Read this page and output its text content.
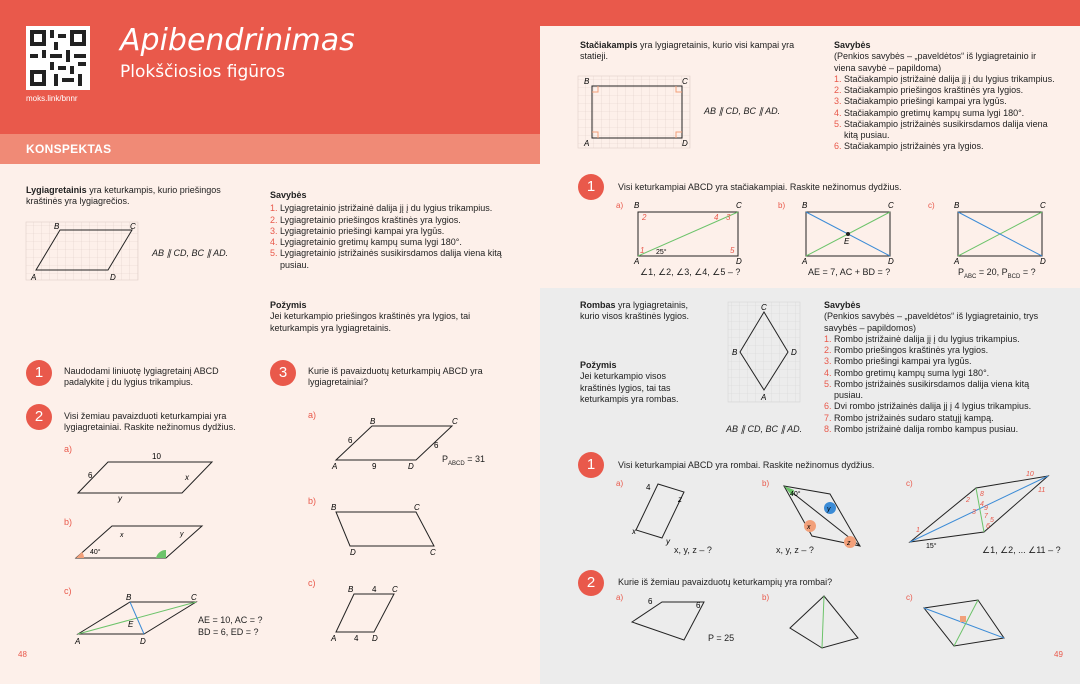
KONSPEKTAS
moks.link/bnnr
Apibendrinimas
Plokščiosios figūros
Lygiagretainis yra keturkampis, kurio priešingos kraštinės yra lygiagrečios.
B	C
A	D
AB ∥ CD, BC ∥ AD.
Savybės
1. Lygiagretainio įstrižainė dalija jį į du lygius trikampius.
2. Lygiagretainio priešingos kraštinės yra lygios.
3. Lygiagretainio priešingi kampai yra lygūs.
4. Lygiagretainio gretimų kampų suma lygi 180°.
5. Lygiagretainio įstrižainės susikirsdamos dalija viena kitą pusiau.
Požymis
Jei keturkampio priešingos kraštinės yra lygios, tai keturkampis yra lygiagretainis.
1	Naudodami liniuotę lygiagretainį ABCD padalykite į du lygius trikampius.
3	Kurie iš pavaizduotų keturkampių ABCD yra lygiagretainiai?
2	Visi žemiau pavaizduoti keturkampiai yra lygiagretainiai. Raskite nežinomus dydžius.
a)
10
6	x
y
b)
40°
x	y
c)
B	C
A	D
E	AE = 10, AC = ?
BD = 6, ED = ?
a)
B	C
A	D
6
6
9
$P_{ABCD} = 31$
b)
B	C
D	C
c)
B	C
A	D
4
4
48
Stačiakampis yra lygiagretainis, kurio visi kampai yra statieji.
B	C
A	D
AB ∥ CD, BC ∥ AD.
Savybės
(Penkios savybės – „paveldėtos“ iš lygiagretainio ir viena savybė – papildoma)
1. Stačiakampio įstrižainė dalija jį į du lygius trikampius.
2. Stačiakampio priešingos kraštinės yra lygios.
3. Stačiakampio priešingi kampai yra lygūs.
4. Stačiakampio gretimų kampų suma lygi 180°.
5. Stačiakampio įstrižainės susikirsdamos dalija viena kitą pusiau.
6. Stačiakampio įstrižainės yra lygios.
1	Visi keturkampiai ABCD yra stačiakampiai. Raskite nežinomus dydžius.
a) B	C
A	D
2
1
4 3
5
25°
∠1, ∠2, ∠3, ∠4, ∠5 – ?
b)
E
B	C
A	D
AE = 7, AC + BD = ?
c) B	C
A	D
$P_{ABC} = 20$, $P_{BCD}$ = ?
Rombas yra lygiagretainis, kurio visos kraštinės lygios.
Požymis
Jei keturkampio visos kraštinės lygios, tai tas keturkampis yra rombas.
C
D
B
A
AB ∥ CD, BC ∥ AD.
Savybės
(Penkios savybės – „paveldėtos“ iš lygiagretainio, trys savybės – papildomos)
1. Rombo įstrižainė dalija jį į du lygius trikampius.
2. Rombo priešingos kraštinės yra lygios.
3. Rombo priešingi kampai yra lygūs.
4. Rombo gretimų kampų suma lygi 180°.
5. Rombo įstrižainės susikirsdamos dalija viena kitą pusiau.
6. Dvi rombo įstrižainės dalija jį į 4 lygius trikampius.
7. Rombo įstrižainės sudaro statųjį kampą.
8. Rombo įstrižainė dalija rombo kampus pusiau.
1	Visi keturkampiai ABCD yra rombai. Raskite nežinomus dydžius.
a)	4
z
x
y
x, y, z – ?
b)
40°
y
x
z
x, y, z – ?
c)
15°
1
2
3
4
5
6
7
8
9
10
11
∠1, ∠2, ... ∠11 – ?
2	Kurie iš žemiau pavaizduotų keturkampių yra rombai?
a)	6	6
P = 25
b)	c)
49
